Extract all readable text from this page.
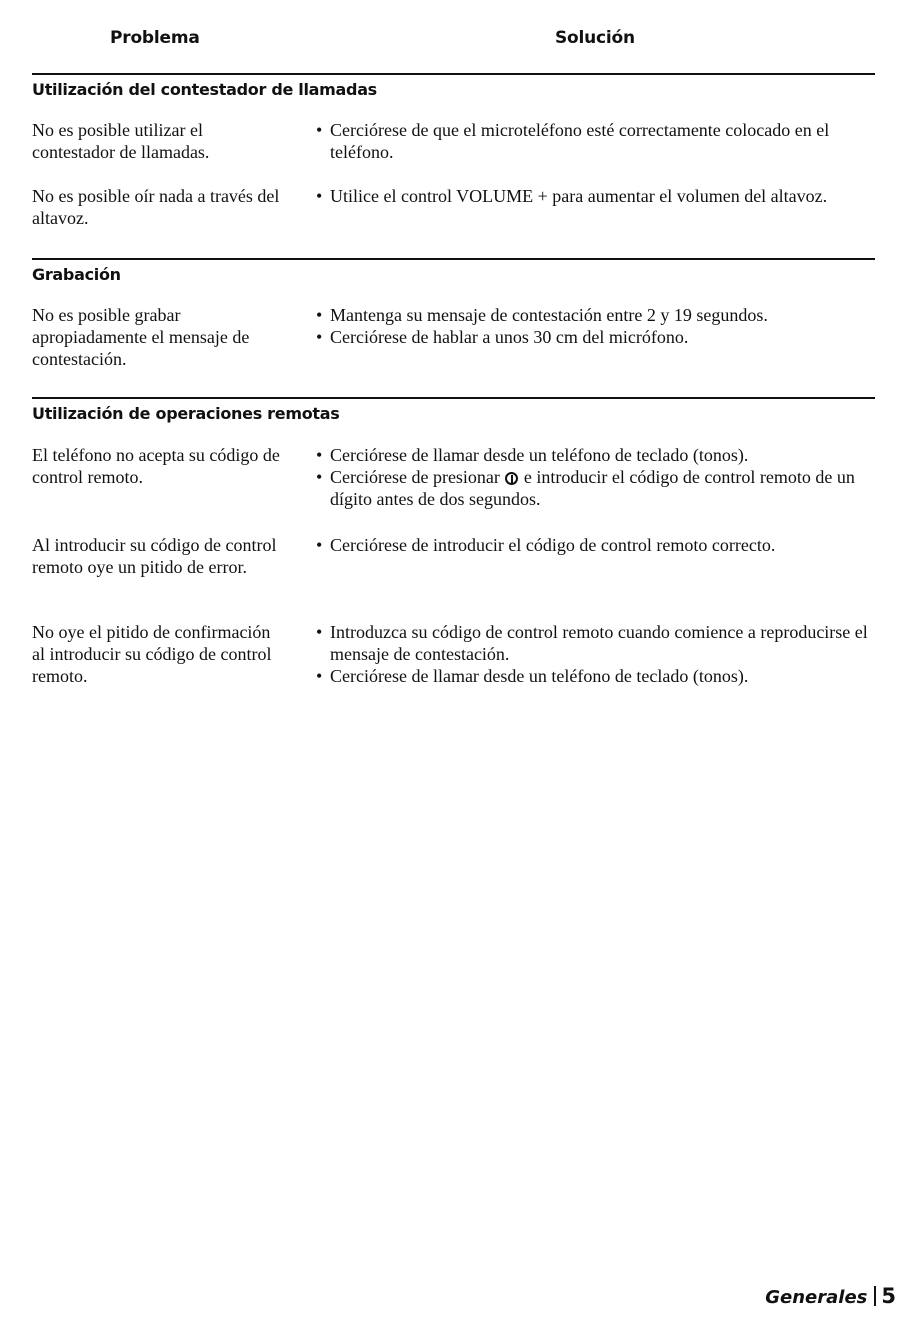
Problema	Solución
Utilización del contestador de llamadas
No es posible utilizar el contestador de llamadas.
• Cerciórese de que el microteléfono esté correctamente colocado en el teléfono.
No es posible oír nada a través del altavoz.
• Utilice el control VOLUME + para aumentar el volumen del altavoz.
Grabación
No es posible grabar apropiadamente el mensaje de contestación.
• Mantenga su mensaje de contestación entre 2 y 19 segundos.
• Cerciórese de hablar a unos 30 cm del micrófono.
Utilización de operaciones remotas
El teléfono no acepta su código de control remoto.
• Cerciórese de llamar desde un teléfono de teclado (tonos).
• Cerciórese de presionar e introducir el código de control remoto de un dígito antes de dos segundos.
Al introducir su código de control remoto oye un pitido de error.
• Cerciórese de introducir el código de control remoto correcto.
No oye el pitido de confirmación al introducir su código de control remoto.
• Introduzca su código de control remoto cuando comience a reproducirse el mensaje de contestación.
• Cerciórese de llamar desde un teléfono de teclado (tonos).
Generales 5
